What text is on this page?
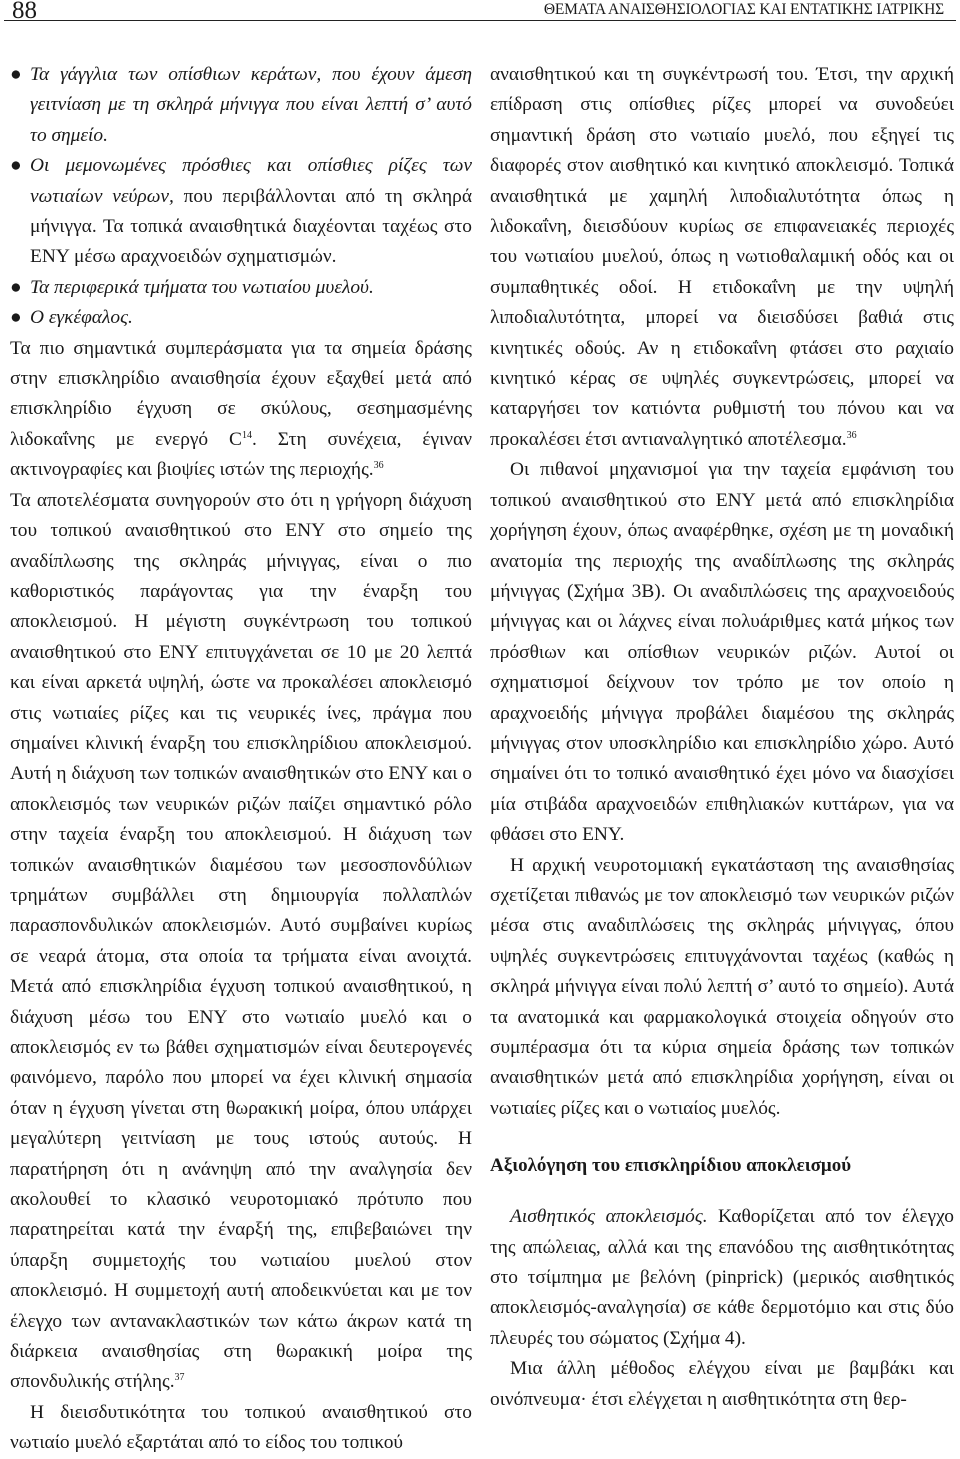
88	ΘΕΜΑΤΑ ΑΝΑΙΣΘΗΣΙΟΛΟΓΙΑΣ ΚΑΙ ΕΝΤΑΤΙΚΗΣ ΙΑΤΡΙΚΗΣ

● Τα γάγγλια των οπίσθιων κεράτων, που έχουν άμεση γειτνίαση με τη σκληρά μήνιγγα που είναι λεπτή σ’ αυτό το σημείο.

● Οι μεμονωμένες πρόσθιες και οπίσθιες ρίζες των νωτιαίων νεύρων, που περιβάλλονται από τη σκληρά μήνιγγα. Τα τοπικά αναισθητικά διαχέονται ταχέως στο ΕΝΥ μέσω αραχνοειδών σχηματισμών.

● Τα περιφερικά τμήματα του νωτιαίου μυελού.

● Ο εγκέφαλος.

Τα πιο σημαντικά συμπεράσματα για τα σημεία δράσης στην επισκληρίδιο αναισθησία έχουν εξαχθεί μετά από επισκληρίδιο έγχυση σε σκύλους, σεσημασμένης λιδοκαΐνης με ενεργό $C^{14}$. Στη συνέχεια, έγιναν ακτινογραφίες και βιοψίες ιστών της περιοχής.$^{36}$

Τα αποτελέσματα συνηγορούν στο ότι η γρήγορη διάχυση του τοπικού αναισθητικού στο ΕΝΥ στο σημείο της αναδίπλωσης της σκληράς μήνιγγας, είναι ο πιο καθοριστικός παράγοντας για την έναρξη του αποκλεισμού. Η μέγιστη συγκέντρωση του τοπικού αναισθητικού στο ΕΝΥ επιτυγχάνεται σε 10 με 20 λεπτά και είναι αρκετά υψηλή, ώστε να προκαλέσει αποκλεισμό στις νωτιαίες ρίζες και τις νευρικές ίνες, πράγμα που σημαίνει κλινική έναρξη του επισκληρίδιου αποκλεισμού. Αυτή η διάχυση των τοπικών αναισθητικών στο ΕΝΥ και ο αποκλεισμός των νευρικών ριζών παίζει σημαντικό ρόλο στην ταχεία έναρξη του αποκλεισμού. Η διάχυση των τοπικών αναισθητικών διαμέσου των μεσοσπονδύλιων τρημάτων συμβάλλει στη δημιουργία πολλαπλών παρασπονδυλικών αποκλεισμών. Αυτό συμβαίνει κυρίως σε νεαρά άτομα, στα οποία τα τρήματα είναι ανοιχτά. Μετά από επισκληρίδια έγχυση τοπικού αναισθητικού, η διάχυση μέσω του ΕΝΥ στο νωτιαίο μυελό και ο αποκλεισμός εν τω βάθει σχηματισμών είναι δευτερογενές φαινόμενο, παρόλο που μπορεί να έχει κλινική σημασία όταν η έγχυση γίνεται στη θωρακική μοίρα, όπου υπάρχει μεγαλύτερη γειτνίαση με τους ιστούς αυτούς. Η παρατήρηση ότι η ανάνηψη από την αναλγησία δεν ακολουθεί το κλασικό νευροτομιακό πρότυπο που παρατηρείται κατά την έναρξή της, επιβεβαιώνει την ύπαρξη συμμετοχής του νωτιαίου μυελού στον αποκλεισμό. Η συμμετοχή αυτή αποδεικνύεται και με τον έλεγχο των αντανακλαστικών των κάτω άκρων κατά τη διάρκεια αναισθησίας στη θωρακική μοίρα της σπονδυλικής στήλης.$^{37}$

Η διεισδυτικότητα του τοπικού αναισθητικού στο νωτιαίο μυελό εξαρτάται από το είδος του τοπικού

αναισθητικού και τη συγκέντρωσή του. Έτσι, την αρχική επίδραση στις οπίσθιες ρίζες μπορεί να συνοδεύει σημαντική δράση στο νωτιαίο μυελό, που εξηγεί τις διαφορές στον αισθητικό και κινητικό αποκλεισμό. Τοπικά αναισθητικά με χαμηλή λιποδιαλυτότητα όπως η λιδοκαΐνη, διεισδύουν κυρίως σε επιφανειακές περιοχές του νωτιαίου μυελού, όπως η νωτιοθαλαμική οδός και οι συμπαθητικές οδοί. Η ετιδοκαΐνη με την υψηλή λιποδιαλυτότητα, μπορεί να διεισδύσει βαθιά στις κινητικές οδούς. Αν η ετιδοκαΐνη φτάσει στο ραχιαίο κινητικό κέρας σε υψηλές συγκεντρώσεις, μπορεί να καταργήσει τον κατιόντα ρυθμιστή του πόνου και να προκαλέσει έτσι αντιαναλγητικό αποτέλεσμα.$^{36}$

Οι πιθανοί μηχανισμοί για την ταχεία εμφάνιση του τοπικού αναισθητικού στο ΕΝΥ μετά από επισκληρίδια χορήγηση έχουν, όπως αναφέρθηκε, σχέση με τη μοναδική ανατομία της περιοχής της αναδίπλωσης της σκληράς μήνιγγας (Σχήμα 3Β). Οι αναδιπλώσεις της αραχνοειδούς μήνιγγας και οι λάχνες είναι πολυάριθμες κατά μήκος των πρόσθιων και οπίσθιων νευρικών ριζών. Αυτοί οι σχηματισμοί δείχνουν τον τρόπο με τον οποίο η αραχνοειδής μήνιγγα προβάλει διαμέσου της σκληράς μήνιγγας στον υποσκληρίδιο και επισκληρίδιο χώρο. Αυτό σημαίνει ότι το τοπικό αναισθητικό έχει μόνο να διασχίσει μία στιβάδα αραχνοειδών επιθηλιακών κυττάρων, για να φθάσει στο ΕΝΥ.

Η αρχική νευροτομιακή εγκατάσταση της αναισθησίας σχετίζεται πιθανώς με τον αποκλεισμό των νευρικών ριζών μέσα στις αναδιπλώσεις της σκληράς μήνιγγας, όπου υψηλές συγκεντρώσεις επιτυγχάνονται ταχέως (καθώς η σκληρά μήνιγγα είναι πολύ λεπτή σ’ αυτό το σημείο). Αυτά τα ανατομικά και φαρμακολογικά στοιχεία οδηγούν στο συμπέρασμα ότι τα κύρια σημεία δράσης των τοπικών αναισθητικών μετά από επισκληρίδια χορήγηση, είναι οι νωτιαίες ρίζες και ο νωτιαίος μυελός.

Αξιολόγηση του επισκληρίδιου αποκλεισμού

Αισθητικός αποκλεισμός. Καθορίζεται από τον έλεγχο της απώλειας, αλλά και της επανόδου της αισθητικότητας στο τσίμπημα με βελόνη (pinprick) (μερικός αισθητικός αποκλεισμός-αναλγησία) σε κάθε δερμοτόμιο και στις δύο πλευρές του σώματος (Σχήμα 4).

Μια άλλη μέθοδος ελέγχου είναι με βαμβάκι και οινόπνευμα· έτσι ελέγχεται η αισθητικότητα στη θερ-
